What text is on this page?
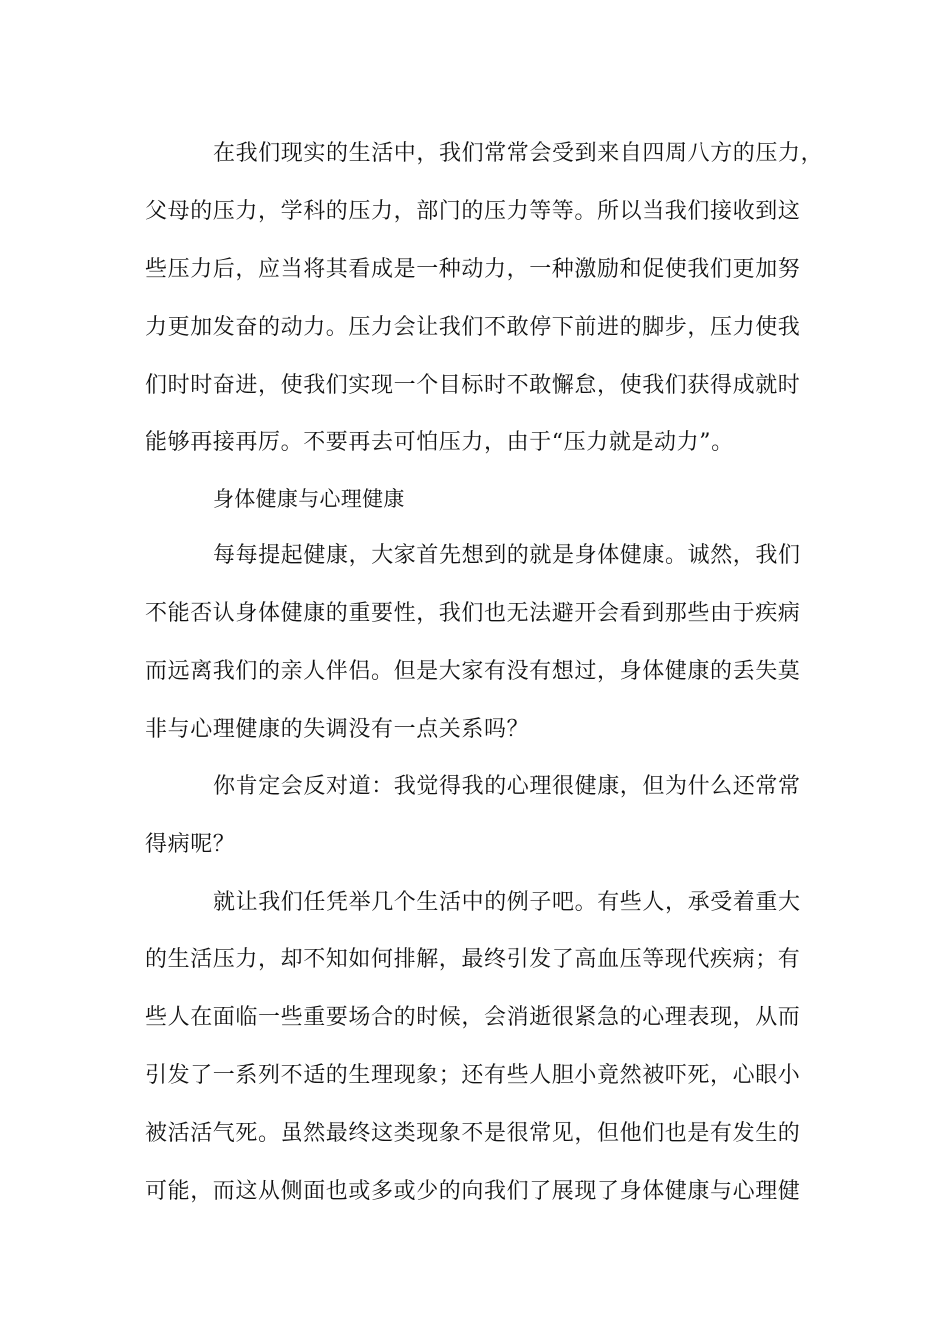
在我们现实的生活中，我们常常会受到来自四周八方的压力，
父母的压力，学科的压力，部门的压力等等。所以当我们接收到这
些压力后，应当将其看成是一种动力，一种激励和促使我们更加努
力更加发奋的动力。压力会让我们不敢停下前进的脚步，压力使我
们时时奋进，使我们实现一个目标时不敢懈怠，使我们获得成就时
能够再接再厉。不要再去可怕压力，由于“压力就是动力”。
身体健康与心理健康
每每提起健康，大家首先想到的就是身体健康。诚然，我们
不能否认身体健康的重要性，我们也无法避开会看到那些由于疾病
而远离我们的亲人伴侣。但是大家有没有想过，身体健康的丢失莫
非与心理健康的失调没有一点关系吗？
你肯定会反对道：我觉得我的心理很健康，但为什么还常常
得病呢？
就让我们任凭举几个生活中的例子吧。有些人，承受着重大
的生活压力，却不知如何排解，最终引发了高血压等现代疾病；有
些人在面临一些重要场合的时候，会消逝很紧急的心理表现，从而
引发了一系列不适的生理现象；还有些人胆小竟然被吓死，心眼小
被活活气死。虽然最终这类现象不是很常见，但他们也是有发生的
可能，而这从侧面也或多或少的向我们了展现了身体健康与心理健
